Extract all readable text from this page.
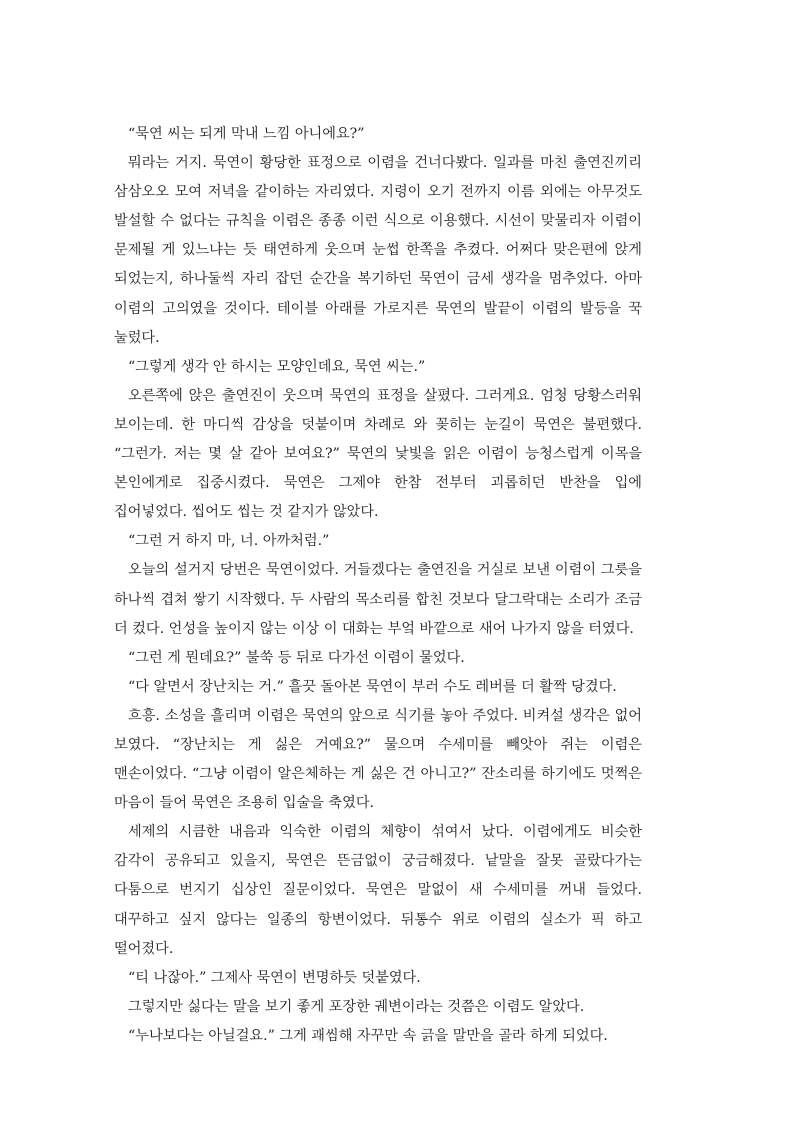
“묵연 씨는 되게 막내 느낌 아니에요?”

뭐라는 거지. 묵연이 황당한 표정으로 이렴을 건너다봤다. 일과를 마친 출연진끼리 삼삼오오 모여 저녁을 같이하는 자리였다. 지령이 오기 전까지 이름 외에는 아무것도 발설할 수 없다는 규칙을 이렴은 종종 이런 식으로 이용했다. 시선이 맞물리자 이렴이 문제될 게 있느냐는 듯 태연하게 웃으며 눈썹 한쪽을 추켰다. 어쩌다 맞은편에 앉게 되었는지, 하나둘씩 자리 잡던 순간을 복기하던 묵연이 금세 생각을 멈추었다. 아마 이렴의 고의였을 것이다. 테이블 아래를 가로지른 묵연의 발끝이 이렴의 발등을 꾹 눌렀다.

“그렇게 생각 안 하시는 모양인데요, 묵연 씨는.”

오른쪽에 앉은 출연진이 웃으며 묵연의 표정을 살폈다. 그러게요. 엄청 당황스러워 보이는데. 한 마디씩 감상을 덧붙이며 차례로 와 꽂히는 눈길이 묵연은 불편했다. “그런가. 저는 몇 살 같아 보여요?” 묵연의 낯빛을 읽은 이렴이 능청스럽게 이목을 본인에게로 집중시켰다. 묵연은 그제야 한참 전부터 괴롭히던 반찬을 입에 집어넣었다. 씹어도 씹는 것 같지가 않았다.

“그런 거 하지 마, 너. 아까처럼.”

오늘의 설거지 당번은 묵연이었다. 거들겠다는 출연진을 거실로 보낸 이렴이 그릇을 하나씩 겹쳐 쌓기 시작했다. 두 사람의 목소리를 합친 것보다 달그락대는 소리가 조금 더 컸다. 언성을 높이지 않는 이상 이 대화는 부엌 바깥으로 새어 나가지 않을 터였다.

“그런 게 뭔데요?” 불쑥 등 뒤로 다가선 이렴이 물었다.

“다 알면서 장난치는 거.” 흘끗 돌아본 묵연이 부러 수도 레버를 더 활짝 당겼다.

흐흥. 소성을 흘리며 이렴은 묵연의 앞으로 식기를 놓아 주었다. 비켜설 생각은 없어 보였다. “장난치는 게 싫은 거예요?” 물으며 수세미를 빼앗아 쥐는 이렴은 맨손이었다. “그냥 이렴이 알은체하는 게 싫은 건 아니고?” 잔소리를 하기에도 멋쩍은 마음이 들어 묵연은 조용히 입술을 축였다.

세제의 시큼한 내음과 익숙한 이렴의 체향이 섞여서 났다. 이렴에게도 비슷한 감각이 공유되고 있을지, 묵연은 뜬금없이 궁금해졌다. 낱말을 잘못 골랐다가는 다툼으로 번지기 십상인 질문이었다. 묵연은 말없이 새 수세미를 꺼내 들었다. 대꾸하고 싶지 않다는 일종의 항변이었다. 뒤통수 위로 이렴의 실소가 픽 하고 떨어졌다.

“티 나잖아.” 그제사 묵연이 변명하듯 덧붙였다.

그렇지만 싫다는 말을 보기 좋게 포장한 궤변이라는 것쯤은 이렴도 알았다.

“누나보다는 아닐걸요.” 그게 괘씸해 자꾸만 속 긁을 말만을 골라 하게 되었다.
